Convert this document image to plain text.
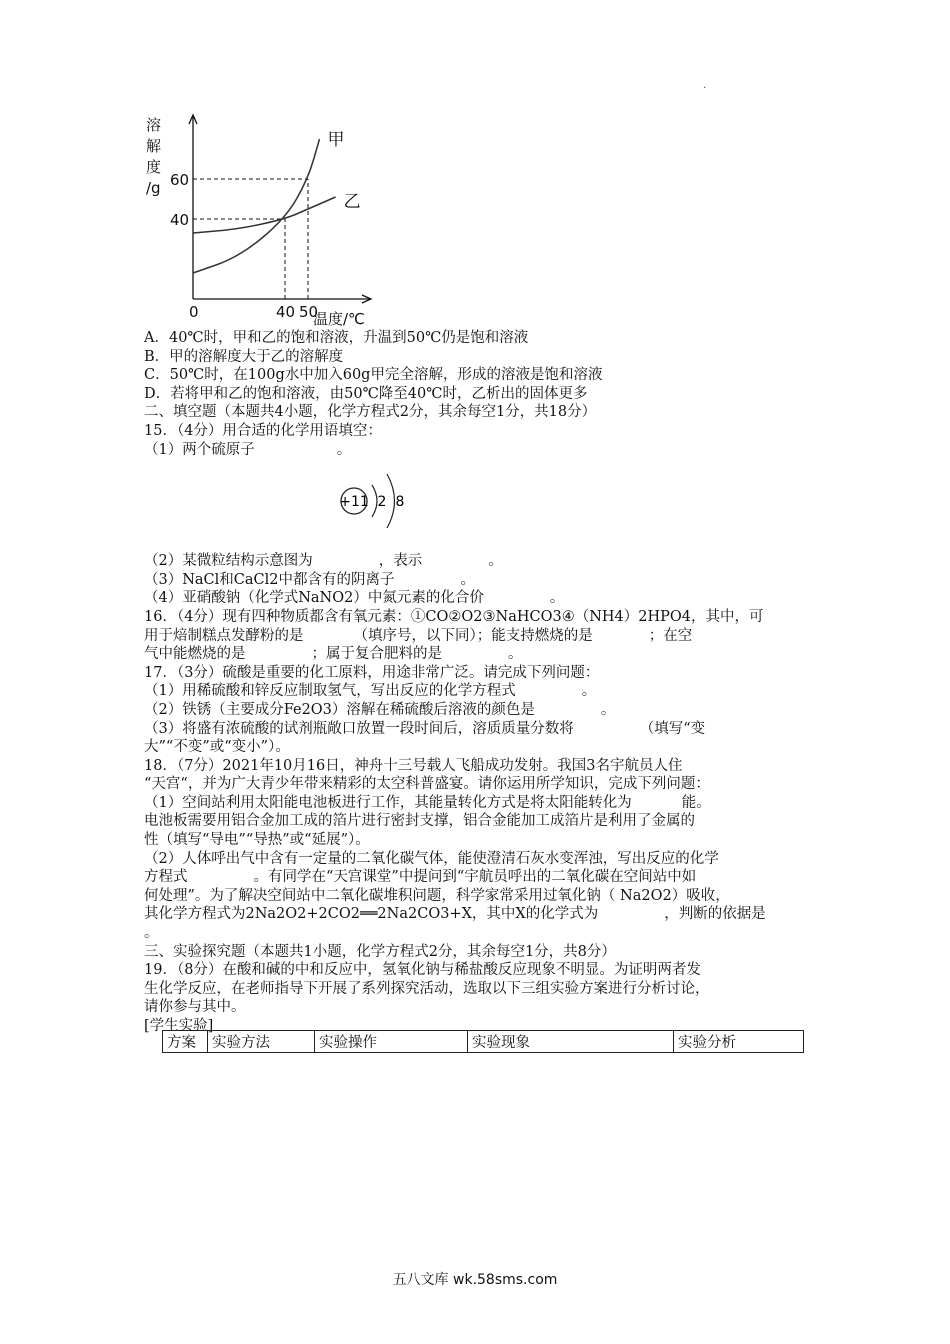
.
溶
解
度
/g
0
60
40
40 50
温度/℃
甲
乙
+11 2 8

A．40℃时，甲和乙的饱和溶液，升温到50℃仍是饱和溶液

B．甲的溶解度大于乙的溶解度

C．50℃时，在100g水中加入60g甲完全溶解，形成的溶液是饱和溶液

D．若将甲和乙的饱和溶液，由50℃降至40℃时，乙析出的固体更多

二、填空题（本题共4小题，化学方程式2分，其余每空1分，共18分）

15．（4分）用合适的化学用语填空：

（1）两个硫原子	。

（2）某微粒结构示意图为	，表示	。

（3）NaCl和CaCl2中都含有的阴离子	。

（4）亚硝酸钠（化学式NaNO2）中氮元素的化合价	。

16．（4分）现有四种物质都含有氧元素：①CO②O2③NaHCO3④（NH4）2HPO4，其中，可

用于焙制糕点发酵粉的是	（填序号，以下同）；能支持燃烧的是	；在空

气中能燃烧的是	；属于复合肥料的是	。

17．（3分）硫酸是重要的化工原料，用途非常广泛。请完成下列问题：

（1）用稀硫酸和锌反应制取氢气，写出反应的化学方程式	。

（2）铁锈（主要成分Fe2O3）溶解在稀硫酸后溶液的颜色是	。

（3）将盛有浓硫酸的试剂瓶敞口放置一段时间后，溶质质量分数将	（填写“变

大”“不变”或“变小”）。

18．（7分）2021年10月16日，神舟十三号载人飞船成功发射。我国3名宇航员人住

“天宫“，并为广大青少年带来精彩的太空科普盛宴。请你运用所学知识，完成下列问题：

（1）空间站利用太阳能电池板进行工作，其能量转化方式是将太阳能转化为	能。

电池板需要用铝合金加工成的箔片进行密封支撑，铝合金能加工成箔片是利用了金属的

性（填写“导电”“导热”或“延展”）。

（2）人体呼出气中含有一定量的二氧化碳气体，能使澄清石灰水变浑浊，写出反应的化学

方程式	。有同学在“天宫课堂”中提问到“宇航员呼出的二氧化碳在空间站中如

何处理”。为了解决空间站中二氧化碳堆积问题，科学家常采用过氧化钠（ Na2O2）吸收，

其化学方程式为2Na2O2+2CO2══2Na2CO3+X，其中X的化学式为	，判断的依据是

。

三、实验探究题（本题共1小题，化学方程式2分，其余每空1分，共8分）

19．（8分）在酸和碱的中和反应中，氢氧化钠与稀盐酸反应现象不明显。为证明两者发

生化学反应，在老师指导下开展了系列探究活动，选取以下三组实验方案进行分析讨论，

请你参与其中。

[学生实验]

方案	实验方法	实验操作	实验现象	实验分析
五八文库 wk.58sms.com
